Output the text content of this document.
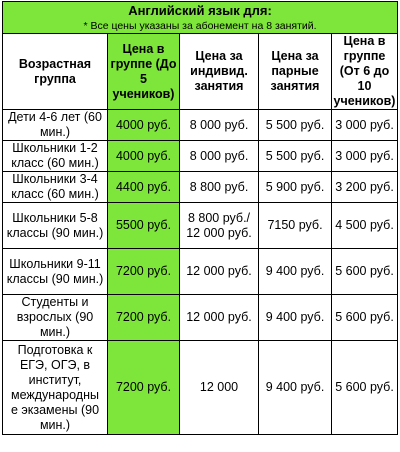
Английский язык для:				
* Все цены указаны за абонемент на 8 занятий.				
Возрастная группа	Цена в группе (До 5 учеников)	Цена за индивид. занятия	Цена за парные занятия	Цена в группе (От 6 до 10 учеников)
Дети 4-6 лет (60 мин.)	4000 руб.	8 000 руб.	5 500 руб.	3 000 руб.
Школьники 1-2 класс (60 мин.)	4000 руб.	8 000 руб.	5 500 руб.	3 000 руб.
Школьники 3-4 класс (60 мин.)	4400 руб.	8 800 руб.	5 900 руб.	3 200 руб.
Школьники 5-8 классы (90 мин.)	5500 руб.	8 800 руб./ 12 000 руб.	7150 руб.	4 500 руб.
Школьники 9-11 классы (90 мин.)	7200 руб.	12 000 руб.	9 400 руб.	5 600 руб.
Студенты и взрослых (90 мин.)	7200 руб.	12 000 руб.	9 400 руб.	5 600 руб.
Подготовка к ЕГЭ, ОГЭ, в институт, международны е экзамены (90 мин.)	7200 руб.	12 000	9 400 руб.	5 600 руб.
